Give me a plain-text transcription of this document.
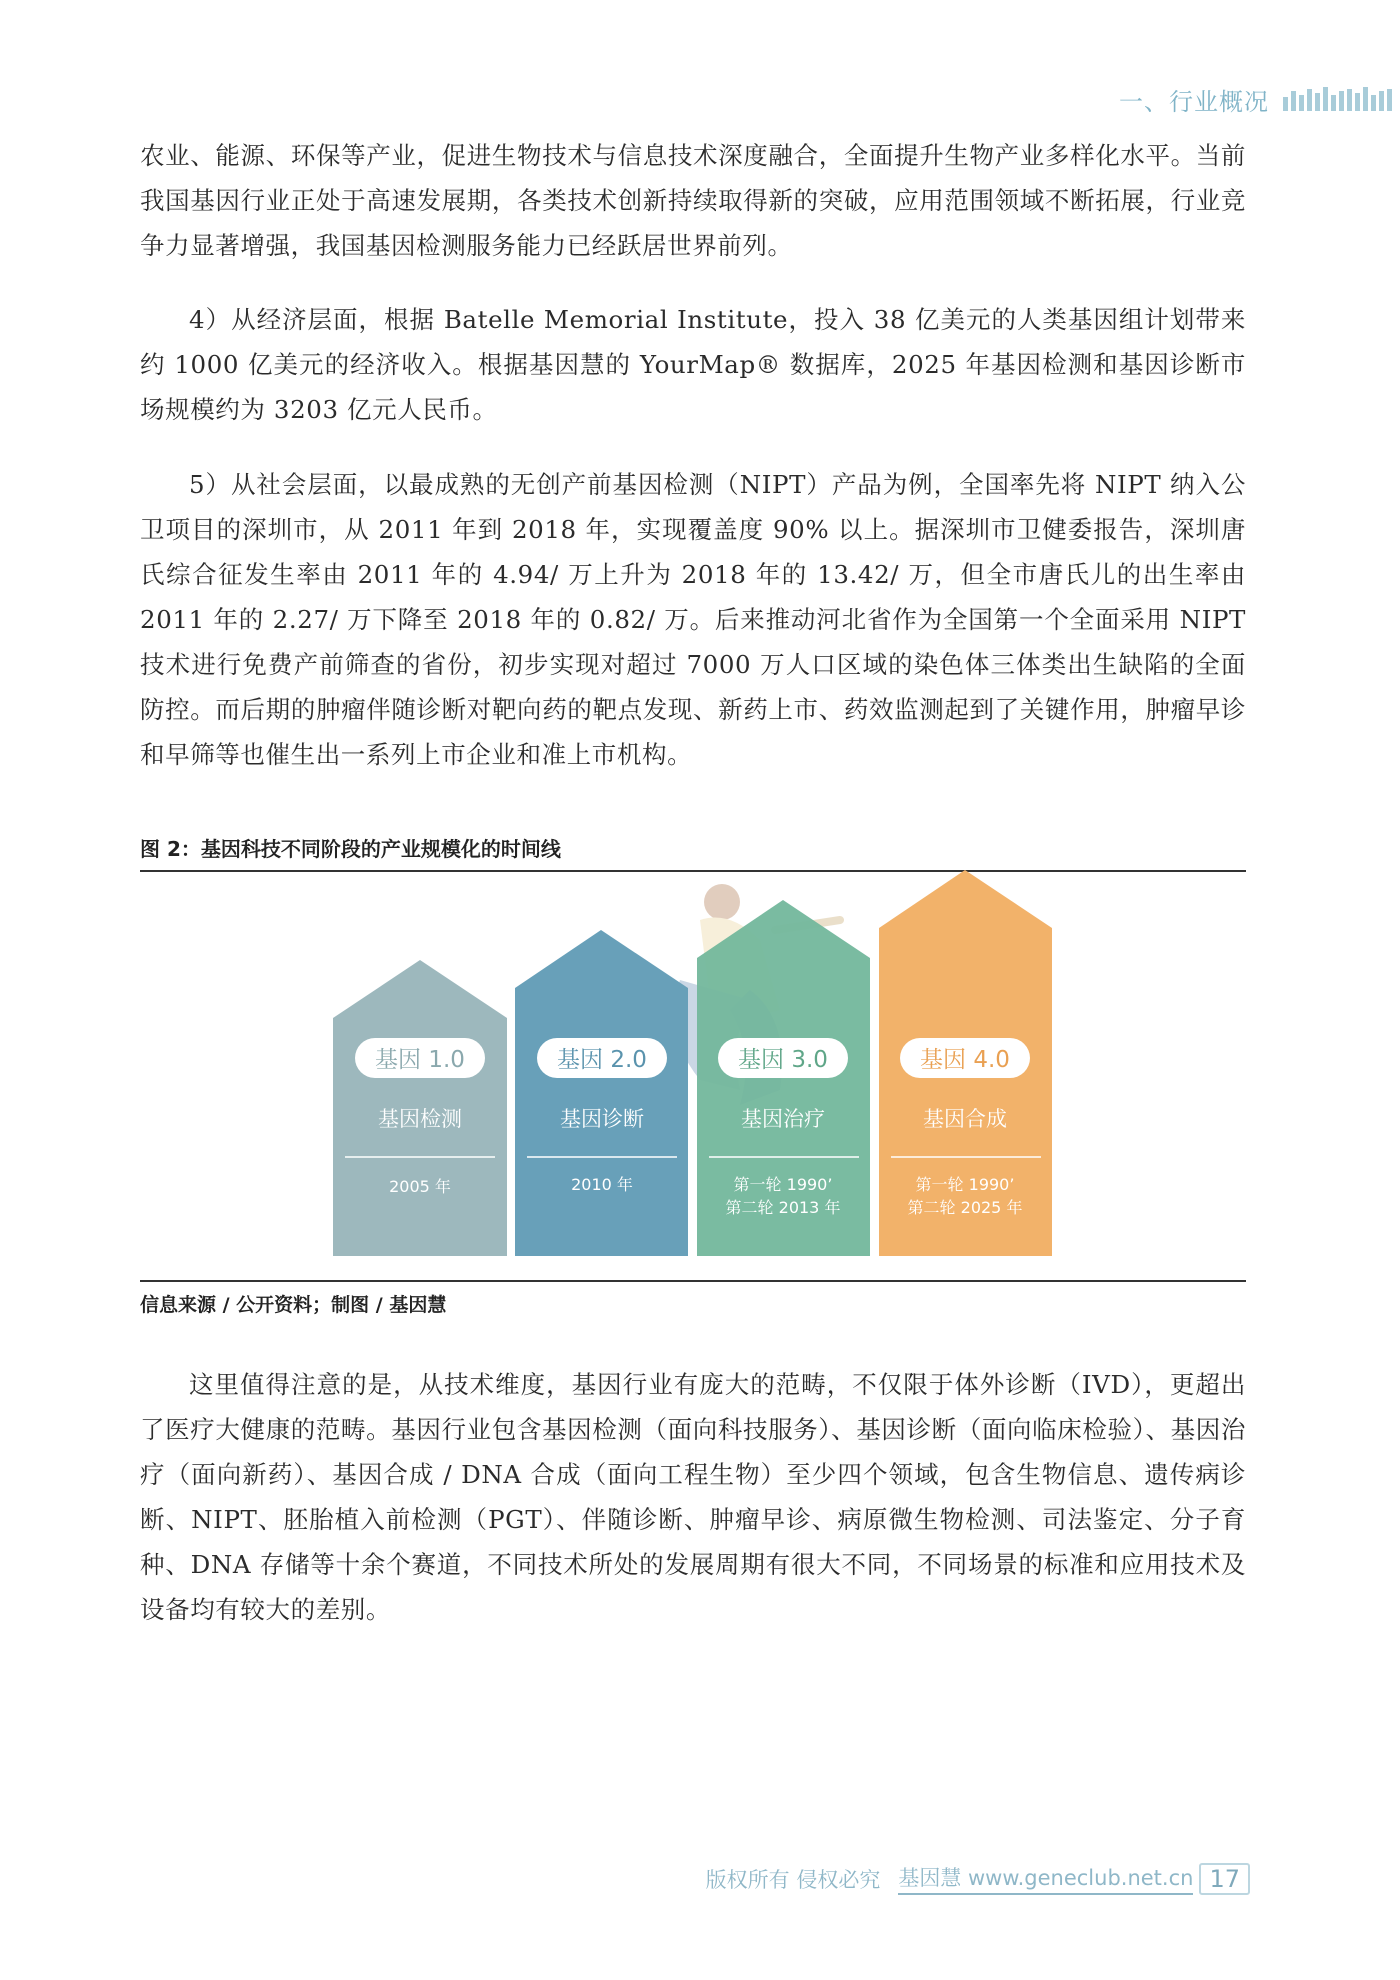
一、行业概况

农业、能源、环保等产业，促进生物技术与信息技术深度融合，全面提升生物产业多样化水平。当前我国基因行业正处于高速发展期，各类技术创新持续取得新的突破，应用范围领域不断拓展，行业竞争力显著增强，我国基因检测服务能力已经跃居世界前列。

4）从经济层面，根据 Batelle Memorial Institute，投入 38 亿美元的人类基因组计划带来约 1000 亿美元的经济收入。根据基因慧的 YourMap® 数据库，2025 年基因检测和基因诊断市场规模约为 3203 亿元人民币。

5）从社会层面，以最成熟的无创产前基因检测（NIPT）产品为例，全国率先将 NIPT 纳入公卫项目的深圳市，从 2011 年到 2018 年，实现覆盖度 90% 以上。据深圳市卫健委报告，深圳唐氏综合征发生率由 2011 年的 4.94/ 万上升为 2018 年的 13.42/ 万，但全市唐氏儿的出生率由 2011 年的 2.27/ 万下降至 2018 年的 0.82/ 万。后来推动河北省作为全国第一个全面采用 NIPT 技术进行免费产前筛查的省份，初步实现对超过 7000 万人口区域的染色体三体类出生缺陷的全面防控。而后期的肿瘤伴随诊断对靶向药的靶点发现、新药上市、药效监测起到了关键作用，肿瘤早诊和早筛等也催生出一系列上市企业和准上市机构。

图 2：基因科技不同阶段的产业规模化的时间线
基因 1.0
基因检测
2005 年
基因 2.0
基因诊断
2010 年
基因 3.0
基因治疗
第一轮 1990’
第二轮 2013 年
基因 4.0
基因合成
第一轮 1990’
第二轮 2025 年
信息来源 / 公开资料；制图 / 基因慧

这里值得注意的是，从技术维度，基因行业有庞大的范畴，不仅限于体外诊断（IVD），更超出了医疗大健康的范畴。基因行业包含基因检测（面向科技服务）、基因诊断（面向临床检验）、基因治疗（面向新药）、基因合成 / DNA 合成（面向工程生物）至少四个领域，包含生物信息、遗传病诊断、NIPT、胚胎植入前检测（PGT）、伴随诊断、肿瘤早诊、病原微生物检测、司法鉴定、分子育种、DNA 存储等十余个赛道，不同技术所处的发展周期有很大不同，不同场景的标准和应用技术及设备均有较大的差别。

版权所有 侵权必究 基因慧 www.geneclub.net.cn 17
